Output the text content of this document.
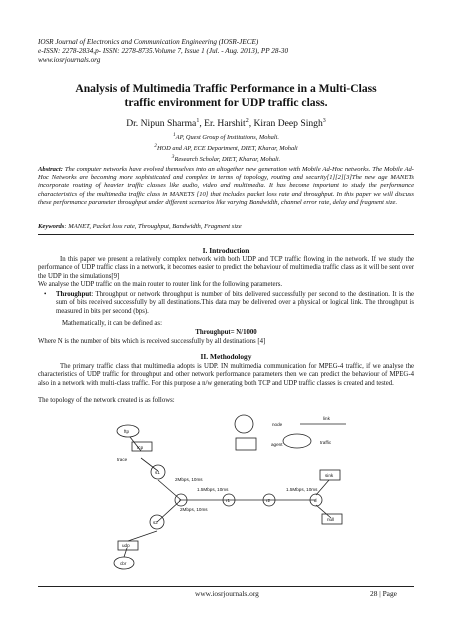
IOSR Journal of Electronics and Communication Engineering (IOSR-JECE)
e-ISSN: 2278-2834,p- ISSN: 2278-8735.Volume 7, Issue 1 (Jul. - Aug. 2013), PP 28-30
www.iosrjournals.org
Analysis of Multimedia Traffic Performance in a Multi-Class
traffic environment for UDP traffic class.
Dr. Nipun Sharma$^1$, Er. Harshit$^2$, Kiran Deep Singh$^3$
$^1$AP, Quest Group of Institutions, Mohali.
$^2$HOD and AP, ECE Department, DIET, Kharar, Mohali
$^3$Research Scholar, DIET, Kharar, Mohali.
Abstract: The computer networks have evolved themselves into an altogether new generation with Mobile Ad-Hoc networks. The Mobile Ad-Hoc Networks are becoming more sophisticated and complex in terms of topology, routing and security[1][2][3]The new age MANETs incorporate routing of heavier traffic classes like audio, video and multimedia. It has become important to study the performance characteristics of the multimedia traffic class in MANETS [10] that includes packet loss rate and throughput. In this paper we will discuss these performance parameter throughput under different scenarios like varying Bandwidth, channel error rate, delay and fragment size.
Keywords: MANET, Packet loss rate, Throughput, Bandwidth, Fragment size
I. Introduction
In this paper we present a relatively complex network with both UDP and TCP traffic flowing in the network. If we study the performance of UDP traffic class in a network, it becomes easier to predict the behaviour of multimedia traffic class as it will be sent over the UDP in the simulations[9]
We analyse the UDP traffic on the main router to router link for the following parameters.
• Throughput: Throughput or network throughput is number of bits delivered successfully per second to the destination. It is the sum of bits received successfully by all destinations.This data may be delivered over a physical or logical link. The throughput is measured in bits per second (bps).
Mathematically, it can be defined as:
Throughput= N/1000
Where N is the number of bits which is received successfully by all destinations [4]
II. Methodology
The primary traffic class that multimedia adopts is UDP. IN multimedia communication for MPEG-4 traffic, if we analyse the characteristics of UDP traffic for throughput and other network performance parameters then we can predict the behaviour of MPEG-4 also in a network with multi-class traffic. For this purpose a n/w generating both TCP and UDP traffic classes is created and tested.
The topology of the network created is as follows:
node
link
agent	traffic
ftp
tcp
trace
s1
r	r1	r2	d
sink
null
s2
udp
cbr
2Mbps, 10ms
1.5Mbps, 10ms	1.5Mbps, 10ms
2Mbps, 10ms
www.iosrjournals.org	28 | Page
